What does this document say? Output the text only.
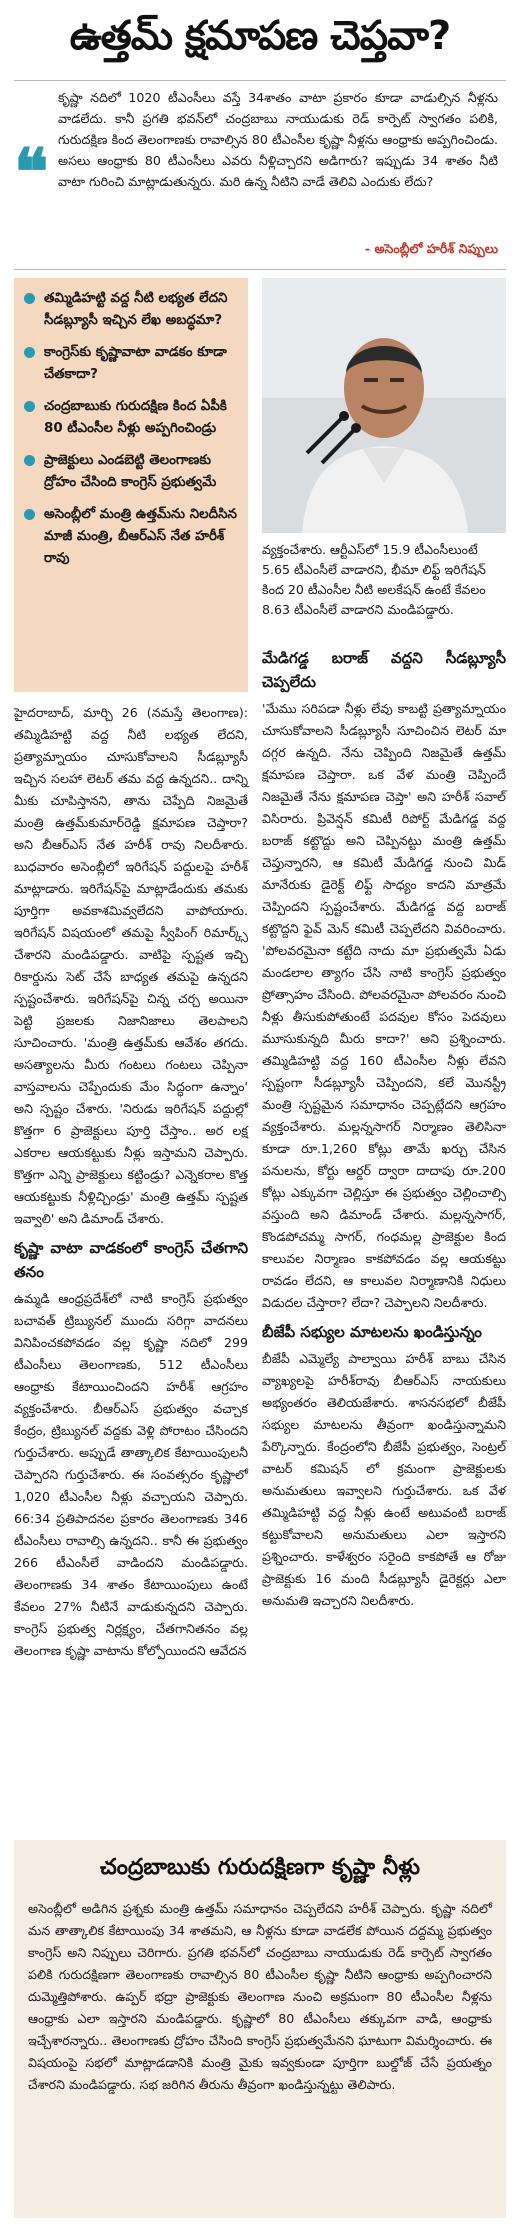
ఉత్తమ్ క్షమాపణ చెప్తవా?
❝
కృష్ణా నదిలో 1020 టీఎంసీలు వస్తే 34శాతం వాటా ప్రకారం కూడా వాడుల్సిన నీళ్లను వాడలేదు. కానీ ప్రగతి భవన్‌లో చంద్రబాబు నాయుడుకు రెడ్ కార్పెట్ స్వాగతం పలికి, గురుదక్షిణ కింద తెలంగాణకు రావాల్సిన 80 టీఎంసీల కృష్ణా నీళ్లను ఆంధ్రాకు అప్పగించిండు. అసలు ఆంధ్రాకు 80 టీఎంసీలు ఎవరు నీళ్లిచ్చారని అడిగారు? ఇప్పుడు 34 శాతం నీటి వాటా గురించి మాట్లాడుతున్నరు. మరి ఉన్న నీటిని వాడే తెలివి ఎందుకు లేదు?
- అసెంబ్లీలో హరీశ్ నిప్పులు
తమ్మిడిహట్టి వద్ద నీటి లభ్యత లేదని సీడబ్ల్యూసీ ఇచ్చిన లేఖ అబద్ధమా?
కాంగ్రెస్‌కు కృష్ణావాటా వాడకం కూడా చేతకాదా?
చంద్రబాబుకు గురుదక్షిణ కింద ఏపీకి 80 టీఎంసీల నీళ్లు అప్పగించిండ్రు
ప్రాజెక్టులు ఎండబెట్టి తెలంగాణకు ద్రోహం చేసింది కాంగ్రెస్ ప్రభుత్వమే
అసెంబ్లీలో మంత్రి ఉత్తమ్‌ను నిలదీసిన మాజీ మంత్రి, బీఆర్ఎస్ నేత హరీశ్ రావు
వ్యక్తంచేశారు. ఆర్టీఎస్‌లో 15.9 టీఎంసీలుంటే 5.65 టీఎంసీలే వాడారని, భీమా లిఫ్ట్ ఇరిగేషన్ కింద 20 టీఎంసీల నీటి అలకేషన్ ఉంటే కేవలం 8.63 టీఎంసీలే వాడారని మండిపడ్డారు.
హైదరాబాద్, మార్చి 26 (నమస్తే తెలంగాణ): తమ్మిడిహట్టి వద్ద నీటి లభ్యత లేదని, ప్రత్యామ్నాయం చూసుకోవాలని సీడబ్ల్యూసీ ఇచ్చిన సలహా లెటర్ తమ వద్ద ఉన్నదని.. దాన్ని మీకు చూపిస్తానని, తాను చెప్పేది నిజమైతే మంత్రి ఉత్తమ్‌కుమార్‌రెడ్డి క్షమాపణ చెప్తారా? అని బీఆర్ఎస్ నేత హరీశ్ రావు నిలదీశారు. బుధవారం అసెంబ్లీలో ఇరిగేషన్ పద్దులపై హరీశ్ మాట్లాడారు. ఇరిగేషన్‌పై మాట్లాడేందుకు తమకు పూర్తిగా అవకాశమివ్వలేదని వాపోయారు. ఇరిగేషన్ విషయంలో తమపై స్వీపింగ్ రిమార్క్స్ చేశారని మండిపడ్డారు. వాటిపై స్పష్టత ఇచ్చి రికార్డును సెట్ చేసే బాధ్యత తమపై ఉన్నదని స్పష్టంచేశారు. ఇరిగేషన్‌పై చిన్న చర్చ అయినా పెట్టి ప్రజలకు నిజానిజాలు తెలపాలని సూచించారు. 'మంత్రి ఉత్తమ్‌కు ఆవేశం తగదు. అసత్యాలను మీరు గంటలు గంటలు చెప్పినా వాస్తవాలను చెప్పేందుకు మేం సిద్ధంగా ఉన్నాం' అని స్పష్టం చేశారు. 'నిరుడు ఇరిగేషన్ పద్దుల్లో కొత్తగా 6 ప్రాజెక్టులు పూర్తి చేస్తాం.. అర లక్ష ఎకరాల ఆయకట్టుకు నీళ్లు ఇస్తామని చెప్పారు. కొత్తగా ఎన్ని ప్రాజెక్టులు కట్టిండ్రు? ఎన్నెకరాల కొత్త ఆయకట్టుకు నీళ్లిచ్చిండ్రు' మంత్రి ఉత్తమ్ స్పష్టత ఇవ్వాలి' అని డిమాండ్ చేశారు.
కృష్ణా వాటా వాడకంలో కాంగ్రెస్ చేతగాని తనం
ఉమ్మడి ఆంధ్రప్రదేశ్‌లో నాటి కాంగ్రెస్ ప్రభుత్వం బచావత్ ట్రిబ్యునల్ ముందు సరిగ్గా వాదనలు వినిపించకపోవడం వల్ల కృష్ణా నదిలో 299 టీఎంసీలు తెలంగాణకు, 512 టీఎంసీలు ఆంధ్రాకు కేటాయించిందని హరీశ్ ఆగ్రహం వ్యక్తంచేశారు. బీఆర్ఎస్ ప్రభుత్వం వచ్చాక కేంద్రం, ట్రిబ్యునల్ వద్దకు వెళ్లి పోరాటం చేసిందని గుర్తుచేశారు. అప్పుడే తాత్కాలిక కేటాయింపులనీ చెప్పారని గుర్తుచేశారు. ఈ సంవత్సరం కృష్ణాలో 1,020 టీఎంసీల నీళ్లు వచ్చాయని చెప్పారు. 66:34 ప్రతిపాదనల ప్రకారం తెలంగాణకు 346 టీఎంసీలు రావాల్సి ఉన్నదని.. కానీ ఈ ప్రభుత్వం 266 టీఎంసీలే వాడిందని మండిపడ్డారు. తెలంగాణకు 34 శాతం కేటాయింపులు ఉంటే కేవలం 27% నీటినే వాడుకున్నదని చెప్పారు. కాంగ్రెస్ ప్రభుత్వ నిర్లక్ష్యం, చేతగానితనం వల్ల తెలంగాణ కృష్ణా వాటాను కోల్పోయిందని ఆవేదన
మేడిగడ్డ బరాజ్ వద్దని సీడబ్ల్యూసీ చెప్పలేదు
'మేము సరిపడా నీళ్లు లేవు కాబట్టి ప్రత్యామ్నాయం చూసుకోవాలని సీడబ్ల్యూసీ సూచించిన లెటర్ మా దగ్గర ఉన్నది. నేను చెప్పింది నిజమైతే ఉత్తమ్ క్షమాపణ చెప్తారా. ఒక వేళ మంత్రి చెప్పిందే నిజమైతే నేను క్షమాపణ చెప్తా' అని హరీశ్ సవాల్ విసిరారు. ప్రివెన్షన్ కమిటీ రిపోర్ట్ మేడిగడ్డ వద్ద బరాజ్ కట్టొద్దు అని చెప్పినట్టు మంత్రి ఉత్తమ్ చెప్తున్నారని, ఆ కమిటీ మేడిగడ్డ నుంచి మిడ్ మానేరుకు డైరెక్ట్ లిఫ్ట్ సాధ్యం కాదని మాత్రమే చెప్పిందని స్పష్టంచేశారు. మేడిగడ్డ వద్ద బరాజ్ కట్టొద్దని ఫైవ్ మెన్ కమిటీ చెప్పలేదని వివరించారు. 'పోలవరమైనా కట్టేది నాదు మా ప్రభుత్వమే ఏడు మండలాల త్యాగం చేసి నాటి కాంగ్రెస్ ప్రభుత్వం ప్రోత్సాహం చేసింది. పోలవరమైనా పోలవరం నుంచి నీళ్లు తీసుకుపోతుంటే పదవుల కోసం పెదవులు మూసుకున్నది మీరు కాదా?' అని ప్రశ్నించారు. తమ్మిడిహట్టి వద్ద 160 టీఎంసీల నీళ్లు లేవని స్పష్టంగా సీడబ్ల్యూసీ చెప్పిందని, కలే మొనస్ట్రీ మంత్రి స్పష్టమైన సమాధానం చెప్పట్లేదని ఆగ్రహం వ్యక్తంచేశారు. మల్లన్నసాగర్ నిర్మాణం తెలిసినా కూడా రూ.1,260 కోట్లు తామే ఖర్చు చేసిన పనులను, కోర్టు ఆర్డర్ ద్వారా దాదాపు రూ.200 కోట్లు ఎక్కువగా చెల్లిస్తూ ఈ ప్రభుత్వం చెల్లించాల్సి వస్తుంది అని డిమాండ్ చేశారు. మల్లన్నసాగర్, కొండపోచమ్మ సాగర్, గంధమల్ల ప్రాజెక్టుల కింద కాలువల నిర్మాణం కాకపోవడం వల్ల ఆయకట్టు రావడం లేదని, ఆ కాలువల నిర్మాణానికి నిధులు విడుదల చేస్తారా? లేదా? చెప్పాలని నిలదీశారు.
బీజేపీ సభ్యుల మాటలను ఖండిస్తున్నం
బీజేపీ ఎమ్మెల్యే పాల్వాయి హరీశ్ బాబు చేసిన వ్యాఖ్యలపై హరీశ్‌రావు బీఆర్ఎస్ నాయకులు అభ్యంతరం తెలియజేశారు. శాసనసభలో బీజేపీ సభ్యుల మాటలను తీవ్రంగా ఖండిస్తున్నామని పేర్కొన్నారు. కేంద్రంలోని బీజేపీ ప్రభుత్వం, సెంట్రల్ వాటర్ కమిషన్ లో క్రమంగా ప్రాజెక్టులకు అనుమతులు ఇవ్వాలని గుర్తుచేశారు. ఒక వేళ తమ్మిడిహట్టి వద్ద నీళ్లు ఉంటే అటువంటి బరాజ్ కట్టుకోవాలని అనుమతులు ఎలా ఇస్తారని ప్రశ్నించారు. కాళేశ్వరం సరైంది కాకపోతే ఆ రోజు ప్రాజెక్టుకు 16 మంది సీడబ్ల్యూసీ డైరెక్టర్లు ఎలా అనుమతి ఇచ్చారని నిలదీశారు.
చంద్రబాబుకు గురుదక్షిణగా కృష్ణా నీళ్లు
అసెంబ్లీలో అడిగిన ప్రశ్నకు మంత్రి ఉత్తమ్ సమాధానం చెప్పలేదని హరీశ్ చెప్పారు. కృష్ణా నదిలో మన తాత్కాలిక కేటాయింపు 34 శాతమని, ఆ నీళ్లను కూడా వాడలేక పోయిన దద్దమ్మ ప్రభుత్వం కాంగ్రెస్ అని నిప్పులు చెరిగారు. ప్రగతి భవన్‌లో చంద్రబాబు నాయుడుకు రెడ్ కార్పెట్ స్వాగతం పలికి గురుదక్షిణగా తెలంగాణకు రావాల్సిన 80 టీఎంసీల కృష్ణా నీటిని ఆంధ్రాకు అప్పగించారని దుమ్మెత్తిపోశారు. ఉప్పర్ భద్రా ప్రాజెక్టుకు తెలంగాణ నుంచి అక్రమంగా 80 టీఎంసీల నీళ్లను ఆంధ్రాకు ఎలా ఇస్తారని మండిపడ్డారు. కృష్ణాలో 80 టీఎంసీలు తక్కువగా వాడి, ఆంధ్రాకు ఇచ్చేశారన్నారు.. తెలంగాణకు ద్రోహం చేసింది కాంగ్రెస్ ప్రభుత్వమేనని ఘాటుగా విమర్శించారు. ఈ విషయంపై సభలో మాట్లాడడానికి మంత్రి మైకు ఇవ్వకుండా పూర్తిగా బుల్డోజ్ చేసే ప్రయత్నం చేశారని మండిపడ్డారు. సభ జరిగిన తీరును తీవ్రంగా ఖండిస్తున్నట్టు తెలిపారు.
